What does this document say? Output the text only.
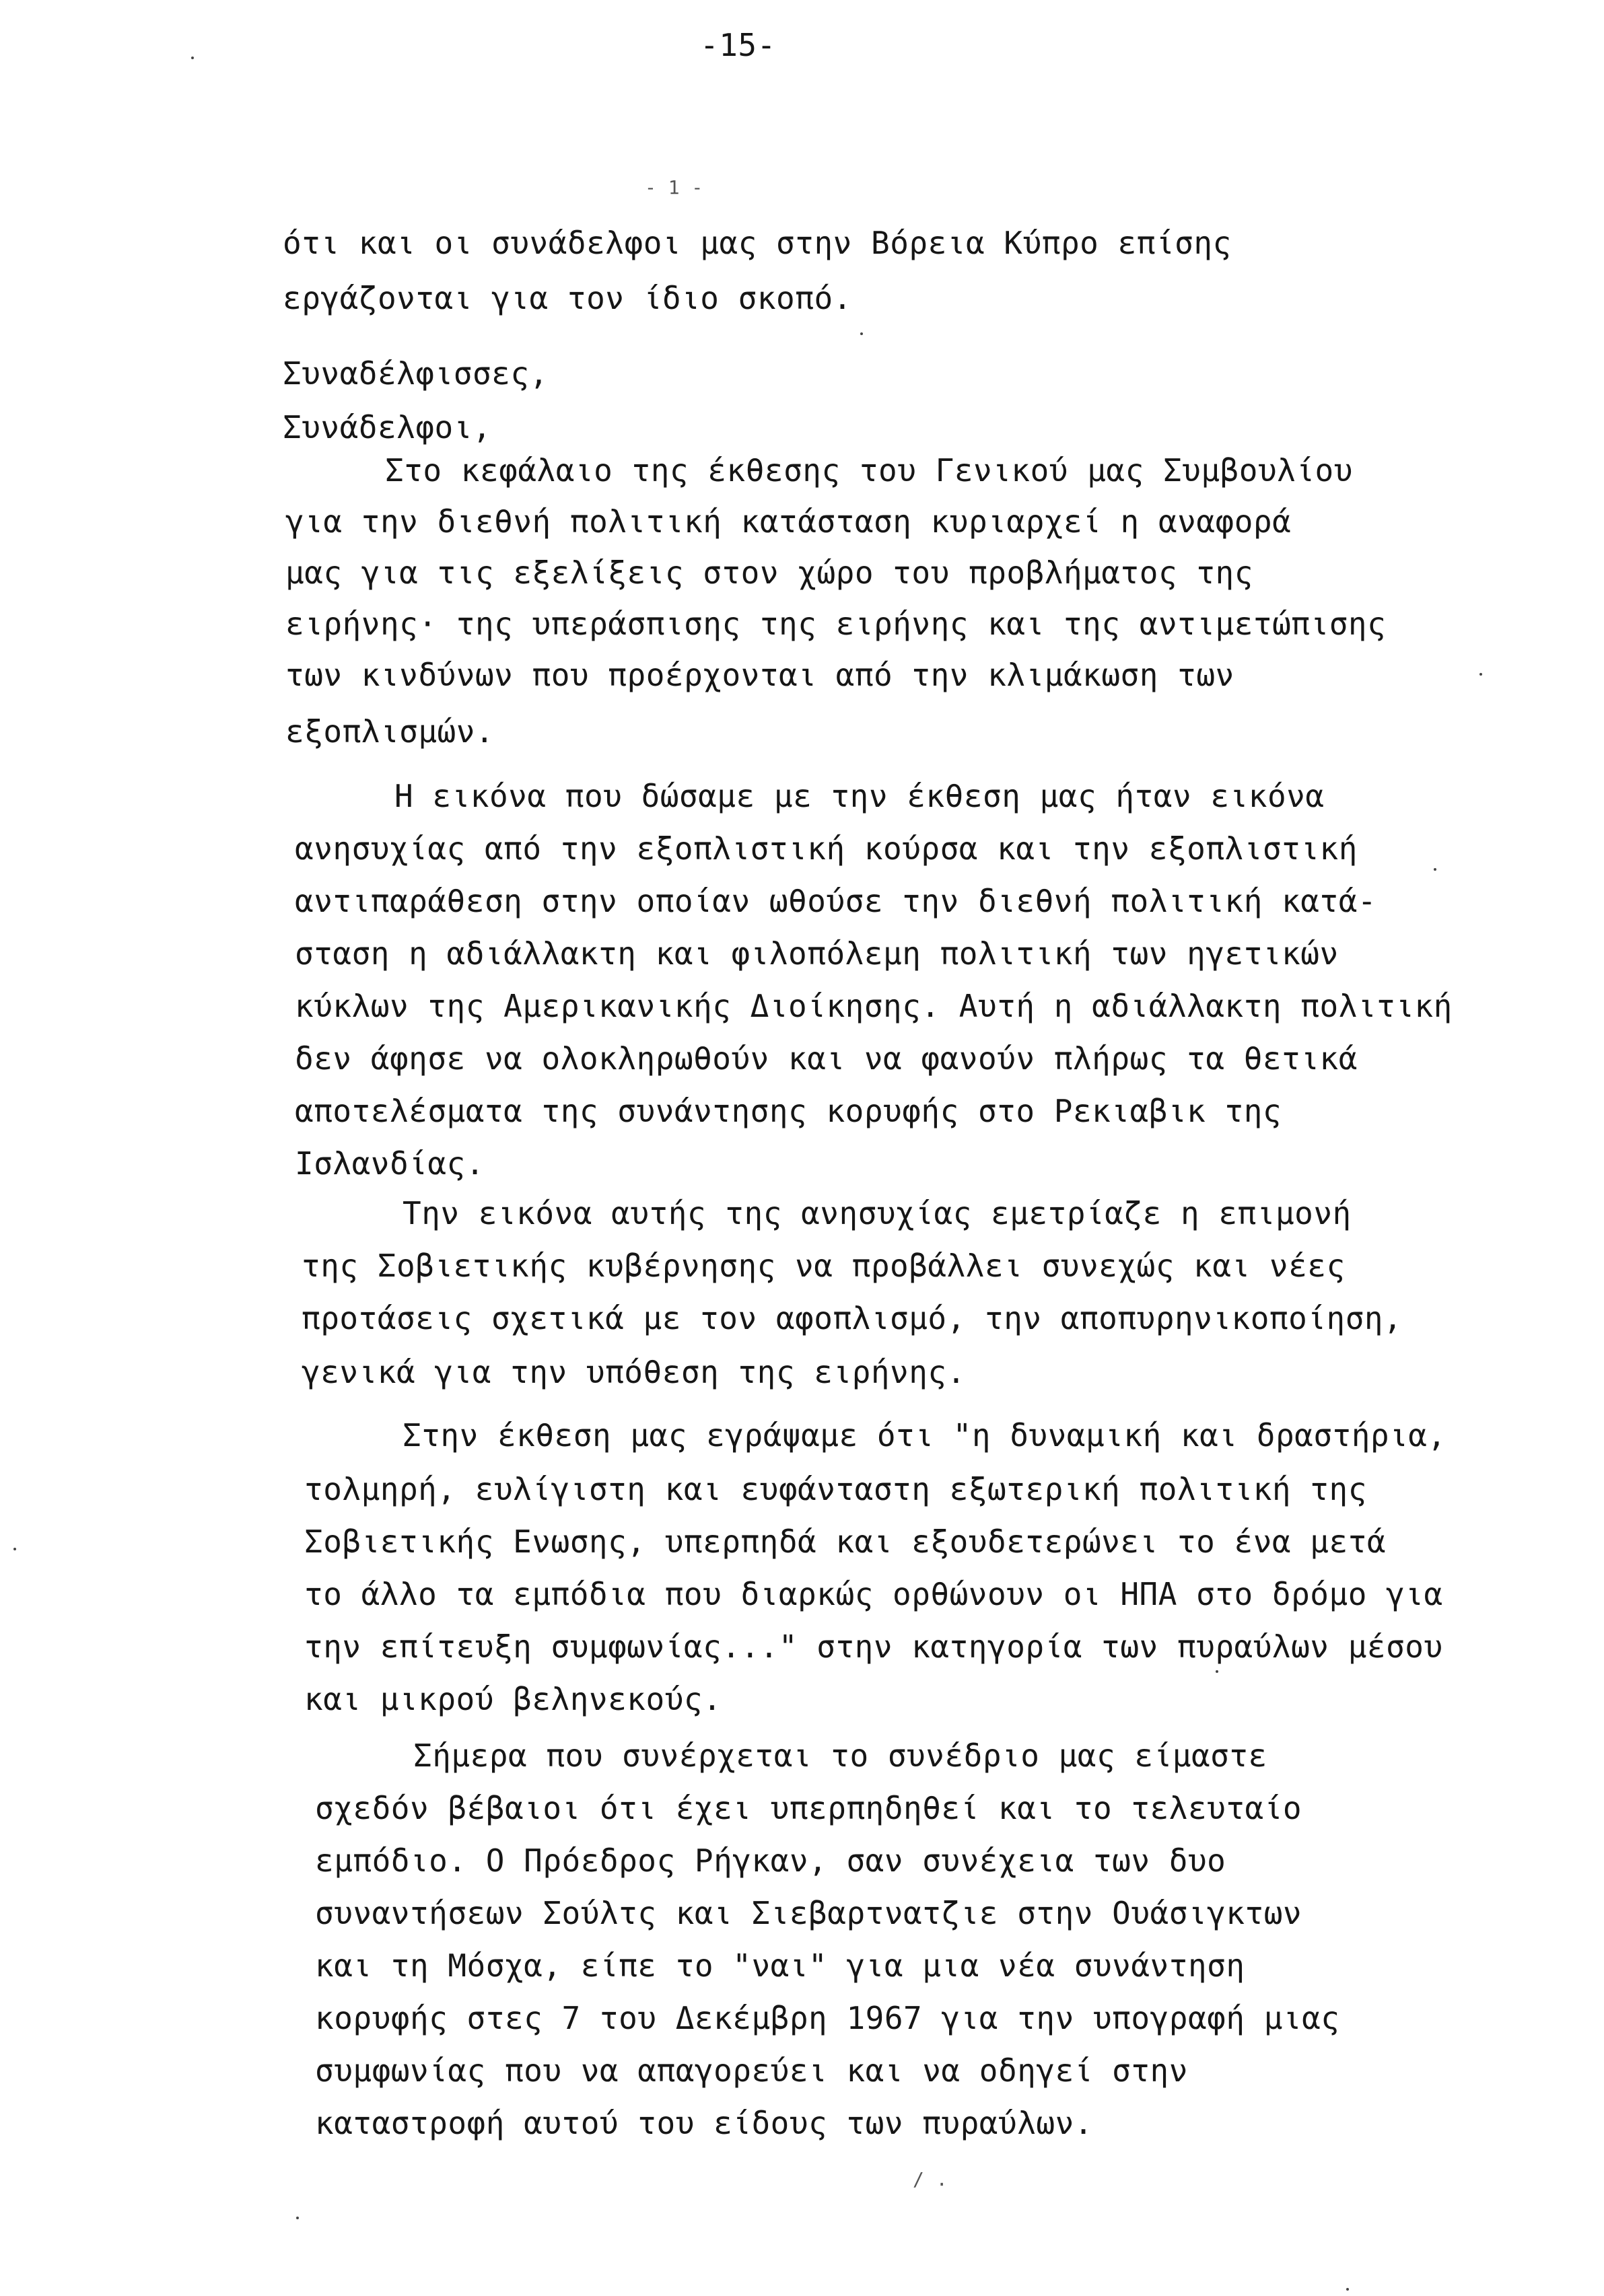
-15-
- 1 -
ότι και οι συνάδελφοι μας στην Βόρεια Κύπρο επίσης
εργάζονται για τον ίδιο σκοπό.
Συναδέλφισσες,
Συνάδελφοι,
Στο κεφάλαιο της έκθεσης του Γενικού μας Συμβουλίου
για την διεθνή πολιτική κατάσταση κυριαρχεί η αναφορά
μας για τις εξελίξεις στον χώρο του προβλήματος της
ειρήνης· της υπεράσπισης της ειρήνης και της αντιμετώπισης
των κινδύνων που προέρχονται από την κλιμάκωση των
εξοπλισμών.
Η εικόνα που δώσαμε με την έκθεση μας ήταν εικόνα
ανησυχίας από την εξοπλιστική κούρσα και την εξοπλιστική
αντιπαράθεση στην οποίαν ωθούσε την διεθνή πολιτική κατά-
σταση η αδιάλλακτη και φιλοπόλεμη πολιτική των ηγετικών
κύκλων της Αμερικανικής Διοίκησης. Αυτή η αδιάλλακτη πολιτική
δεν άφησε να ολοκληρωθούν και να φανούν πλήρως τα θετικά
αποτελέσματα της συνάντησης κορυφής στο Ρεκιαβικ της
Ισλανδίας.
Την εικόνα αυτής της ανησυχίας εμετρίαζε η επιμονή
της Σοβιετικής κυβέρνησης να προβάλλει συνεχώς και νέες
προτάσεις σχετικά με τον αφοπλισμό, την αποπυρηνικοποίηση,
γενικά για την υπόθεση της ειρήνης.
Στην έκθεση μας εγράψαμε ότι "η δυναμική και δραστήρια,
τολμηρή, ευλίγιστη και ευφάνταστη εξωτερική πολιτική της
Σοβιετικής Ενωσης, υπερπηδά και εξουδετερώνει το ένα μετά
το άλλο τα εμπόδια που διαρκώς ορθώνουν οι ΗΠΑ στο δρόμο για
την επίτευξη συμφωνίας..." στην κατηγορία των πυραύλων μέσου
και μικρού βεληνεκούς.
Σήμερα που συνέρχεται το συνέδριο μας είμαστε
σχεδόν βέβαιοι ότι έχει υπερπηδηθεί και το τελευταίο
εμπόδιο. Ο Πρόεδρος Ρήγκαν, σαν συνέχεια των δυο
συναντήσεων Σούλτς και Σιεβαρτνατζιε στην Ουάσιγκτων
και τη Μόσχα, είπε το "ναι" για μια νέα συνάντηση
κορυφής στες 7 του Δεκέμβρη 1967 για την υπογραφή μιας
συμφωνίας που να απαγορεύει και να οδηγεί στην
καταστροφή αυτού του είδους των πυραύλων.
/ .
